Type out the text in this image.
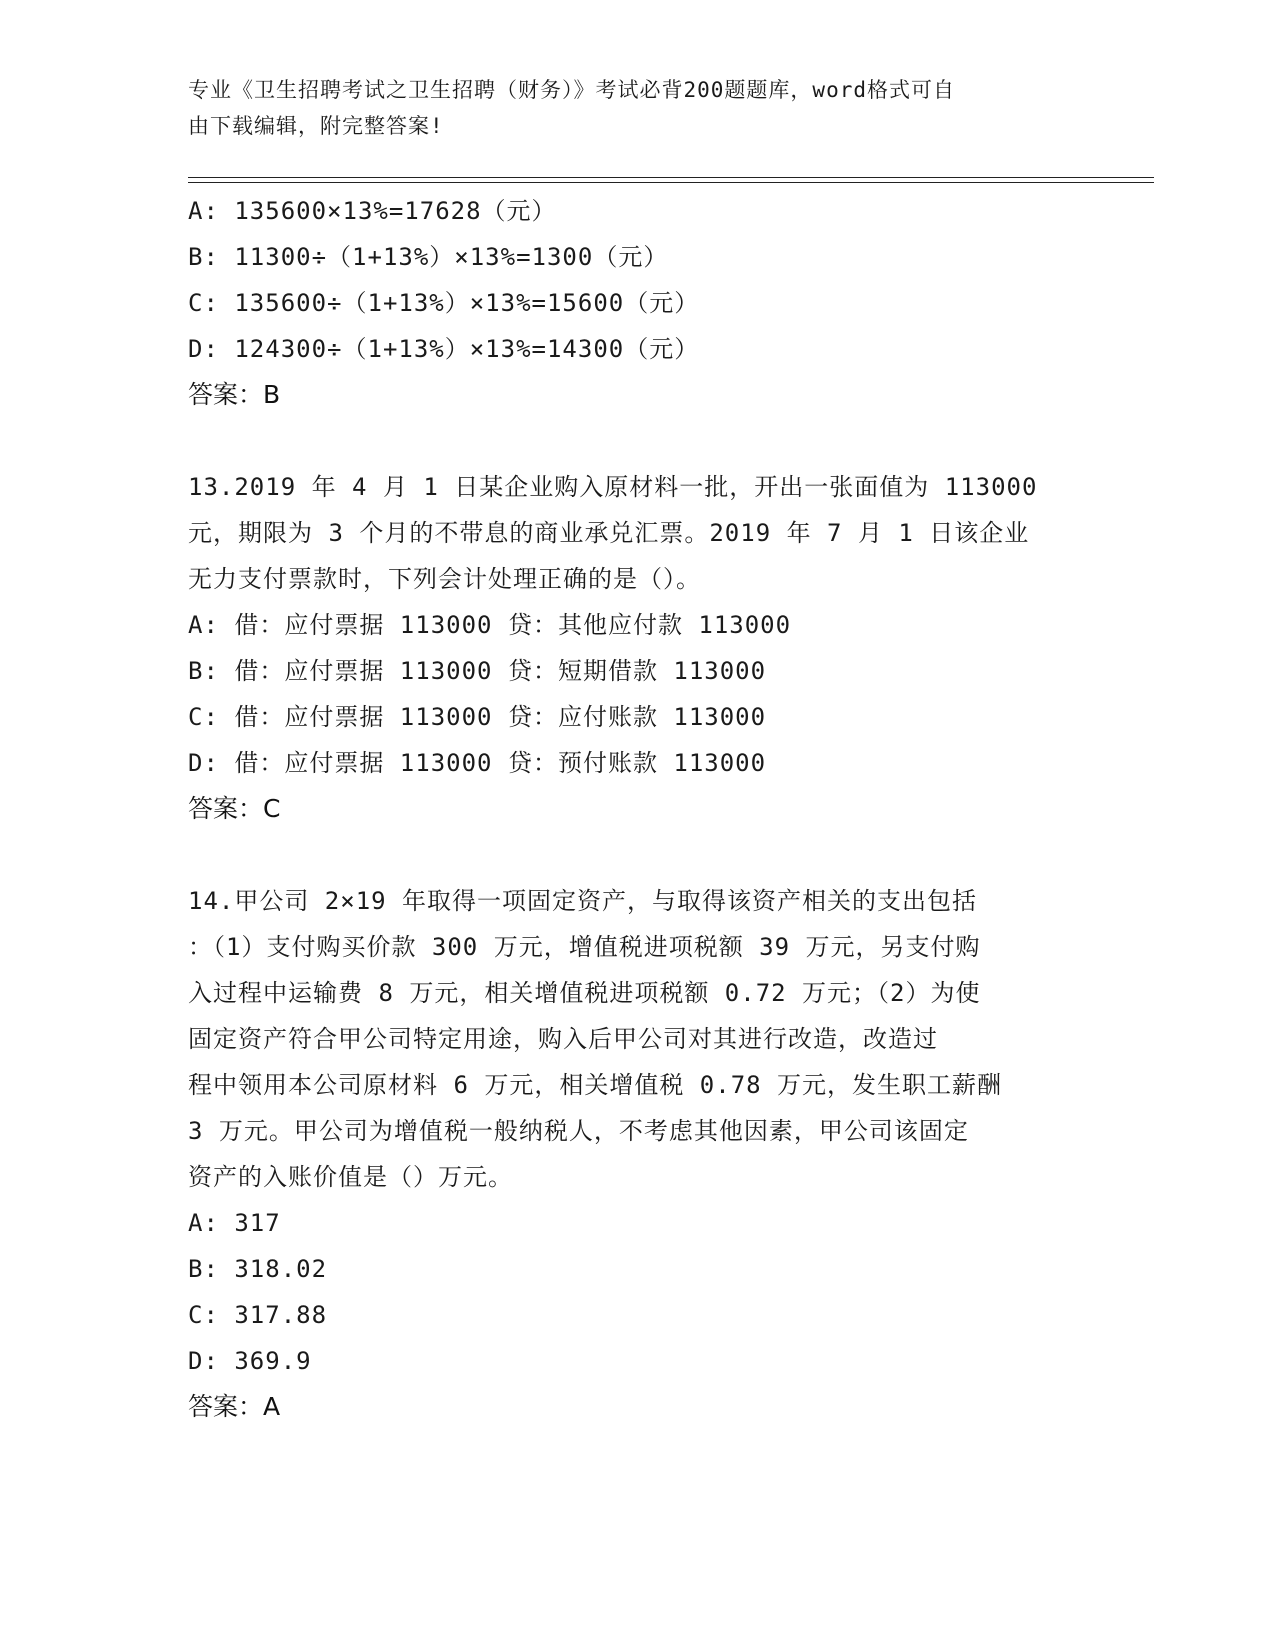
专业《卫生招聘考试之卫生招聘（财务）》考试必背200题题库，word格式可自
由下载编辑，附完整答案!
A: 135600×13%=17628（元）
B: 11300÷（1+13%）×13%=1300（元）
C: 135600÷（1+13%）×13%=15600（元）
D: 124300÷（1+13%）×13%=14300（元）
答案：B
13.2019 年 4 月 1 日某企业购入原材料一批，开出一张面值为 113000
元，期限为 3 个月的不带息的商业承兑汇票。2019 年 7 月 1 日该企业
无力支付票款时，下列会计处理正确的是（）。
A: 借：应付票据 113000 贷：其他应付款 113000
B: 借：应付票据 113000 贷：短期借款 113000
C: 借：应付票据 113000 贷：应付账款 113000
D: 借：应付票据 113000 贷：预付账款 113000
答案：C
14.甲公司 2×19 年取得一项固定资产，与取得该资产相关的支出包括
：（1）支付购买价款 300 万元，增值税进项税额 39 万元，另支付购
入过程中运输费 8 万元，相关增值税进项税额 0.72 万元；（2）为使
固定资产符合甲公司特定用途，购入后甲公司对其进行改造，改造过
程中领用本公司原材料 6 万元，相关增值税 0.78 万元，发生职工薪酬
3 万元。甲公司为增值税一般纳税人，不考虑其他因素，甲公司该固定
资产的入账价值是（）万元。
A: 317
B: 318.02
C: 317.88
D: 369.9
答案：A
